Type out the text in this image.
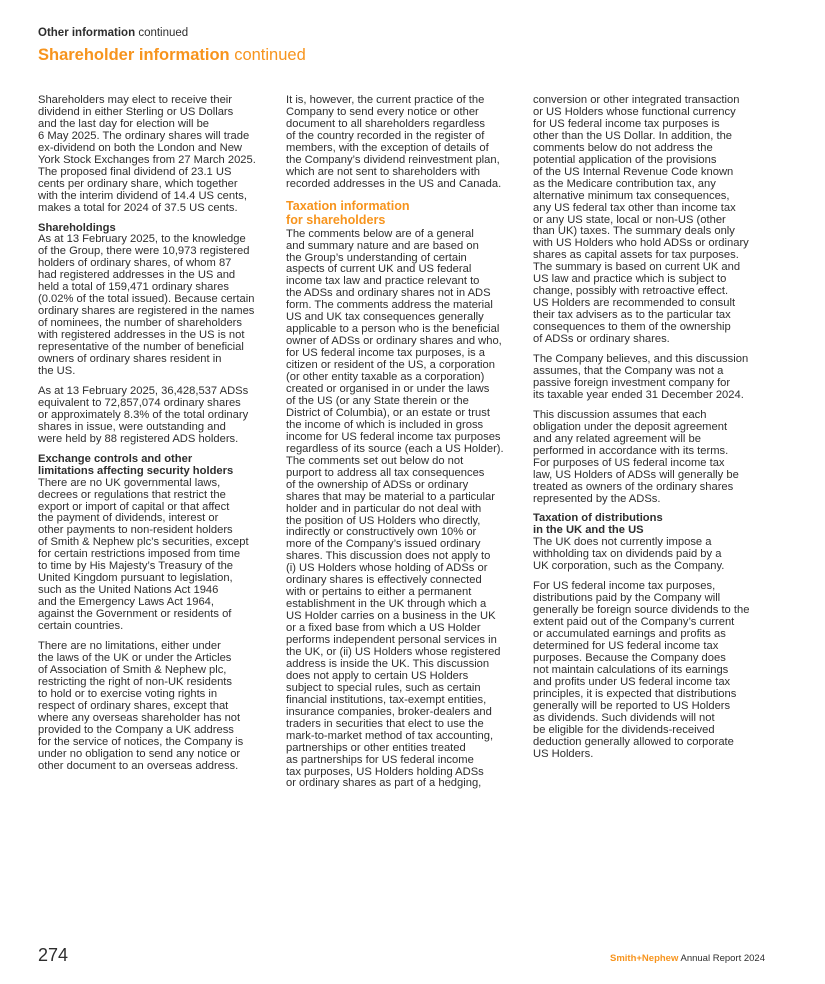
Other information continued
Shareholder information continued

Shareholders may elect to receive their
dividend in either Sterling or US Dollars
and the last day for election will be
6 May 2025. The ordinary shares will trade
ex-dividend on both the London and New
York Stock Exchanges from 27 March 2025.
The proposed final dividend of 23.1 US
cents per ordinary share, which together
with the interim dividend of 14.4 US cents,
makes a total for 2024 of 37.5 US cents.

Shareholdings

As at 13 February 2025, to the knowledge
of the Group, there were 10,973 registered
holders of ordinary shares, of whom 87
had registered addresses in the US and
held a total of 159,471 ordinary shares
(0.02% of the total issued). Because certain
ordinary shares are registered in the names
of nominees, the number of shareholders
with registered addresses in the US is not
representative of the number of beneficial
owners of ordinary shares resident in
the US.

As at 13 February 2025, 36,428,537 ADSs
equivalent to 72,857,074 ordinary shares
or approximately 8.3% of the total ordinary
shares in issue, were outstanding and
were held by 88 registered ADS holders.

Exchange controls and other
limitations affecting security holders

There are no UK governmental laws,
decrees or regulations that restrict the
export or import of capital or that affect
the payment of dividends, interest or
other payments to non-resident holders
of Smith & Nephew plc’s securities, except
for certain restrictions imposed from time
to time by His Majesty’s Treasury of the
United Kingdom pursuant to legislation,
such as the United Nations Act 1946
and the Emergency Laws Act 1964,
against the Government or residents of
certain countries.

There are no limitations, either under
the laws of the UK or under the Articles
of Association of Smith & Nephew plc,
restricting the right of non-UK residents
to hold or to exercise voting rights in
respect of ordinary shares, except that
where any overseas shareholder has not
provided to the Company a UK address
for the service of notices, the Company is
under no obligation to send any notice or
other document to an overseas address.

It is, however, the current practice of the
Company to send every notice or other
document to all shareholders regardless
of the country recorded in the register of
members, with the exception of details of
the Company’s dividend reinvestment plan,
which are not sent to shareholders with
recorded addresses in the US and Canada.

Taxation information
for shareholders

The comments below are of a general
and summary nature and are based on
the Group’s understanding of certain
aspects of current UK and US federal
income tax law and practice relevant to
the ADSs and ordinary shares not in ADS
form. The comments address the material
US and UK tax consequences generally
applicable to a person who is the beneficial
owner of ADSs or ordinary shares and who,
for US federal income tax purposes, is a
citizen or resident of the US, a corporation
(or other entity taxable as a corporation)
created or organised in or under the laws
of the US (or any State therein or the
District of Columbia), or an estate or trust
the income of which is included in gross
income for US federal income tax purposes
regardless of its source (each a US Holder).
The comments set out below do not
purport to address all tax consequences
of the ownership of ADSs or ordinary
shares that may be material to a particular
holder and in particular do not deal with
the position of US Holders who directly,
indirectly or constructively own 10% or
more of the Company’s issued ordinary
shares. This discussion does not apply to
(i) US Holders whose holding of ADSs or
ordinary shares is effectively connected
with or pertains to either a permanent
establishment in the UK through which a
US Holder carries on a business in the UK
or a fixed base from which a US Holder
performs independent personal services in
the UK, or (ii) US Holders whose registered
address is inside the UK. This discussion
does not apply to certain US Holders
subject to special rules, such as certain
financial institutions, tax-exempt entities,
insurance companies, broker-dealers and
traders in securities that elect to use the
mark-to-market method of tax accounting,
partnerships or other entities treated
as partnerships for US federal income
tax purposes, US Holders holding ADSs
or ordinary shares as part of a hedging,

conversion or other integrated transaction
or US Holders whose functional currency
for US federal income tax purposes is
other than the US Dollar. In addition, the
comments below do not address the
potential application of the provisions
of the US Internal Revenue Code known
as the Medicare contribution tax, any
alternative minimum tax consequences,
any US federal tax other than income tax
or any US state, local or non-US (other
than UK) taxes. The summary deals only
with US Holders who hold ADSs or ordinary
shares as capital assets for tax purposes.
The summary is based on current UK and
US law and practice which is subject to
change, possibly with retroactive effect.
US Holders are recommended to consult
their tax advisers as to the particular tax
consequences to them of the ownership
of ADSs or ordinary shares.

The Company believes, and this discussion
assumes, that the Company was not a
passive foreign investment company for
its taxable year ended 31 December 2024.

This discussion assumes that each
obligation under the deposit agreement
and any related agreement will be
performed in accordance with its terms.
For purposes of US federal income tax
law, US Holders of ADSs will generally be
treated as owners of the ordinary shares
represented by the ADSs.

Taxation of distributions
in the UK and the US

The UK does not currently impose a
withholding tax on dividends paid by a
UK corporation, such as the Company.

For US federal income tax purposes,
distributions paid by the Company will
generally be foreign source dividends to the
extent paid out of the Company’s current
or accumulated earnings and profits as
determined for US federal income tax
purposes. Because the Company does
not maintain calculations of its earnings
and profits under US federal income tax
principles, it is expected that distributions
generally will be reported to US Holders
as dividends. Such dividends will not
be eligible for the dividends-received
deduction generally allowed to corporate
US Holders.

274	Smith+Nephew Annual Report 2024
